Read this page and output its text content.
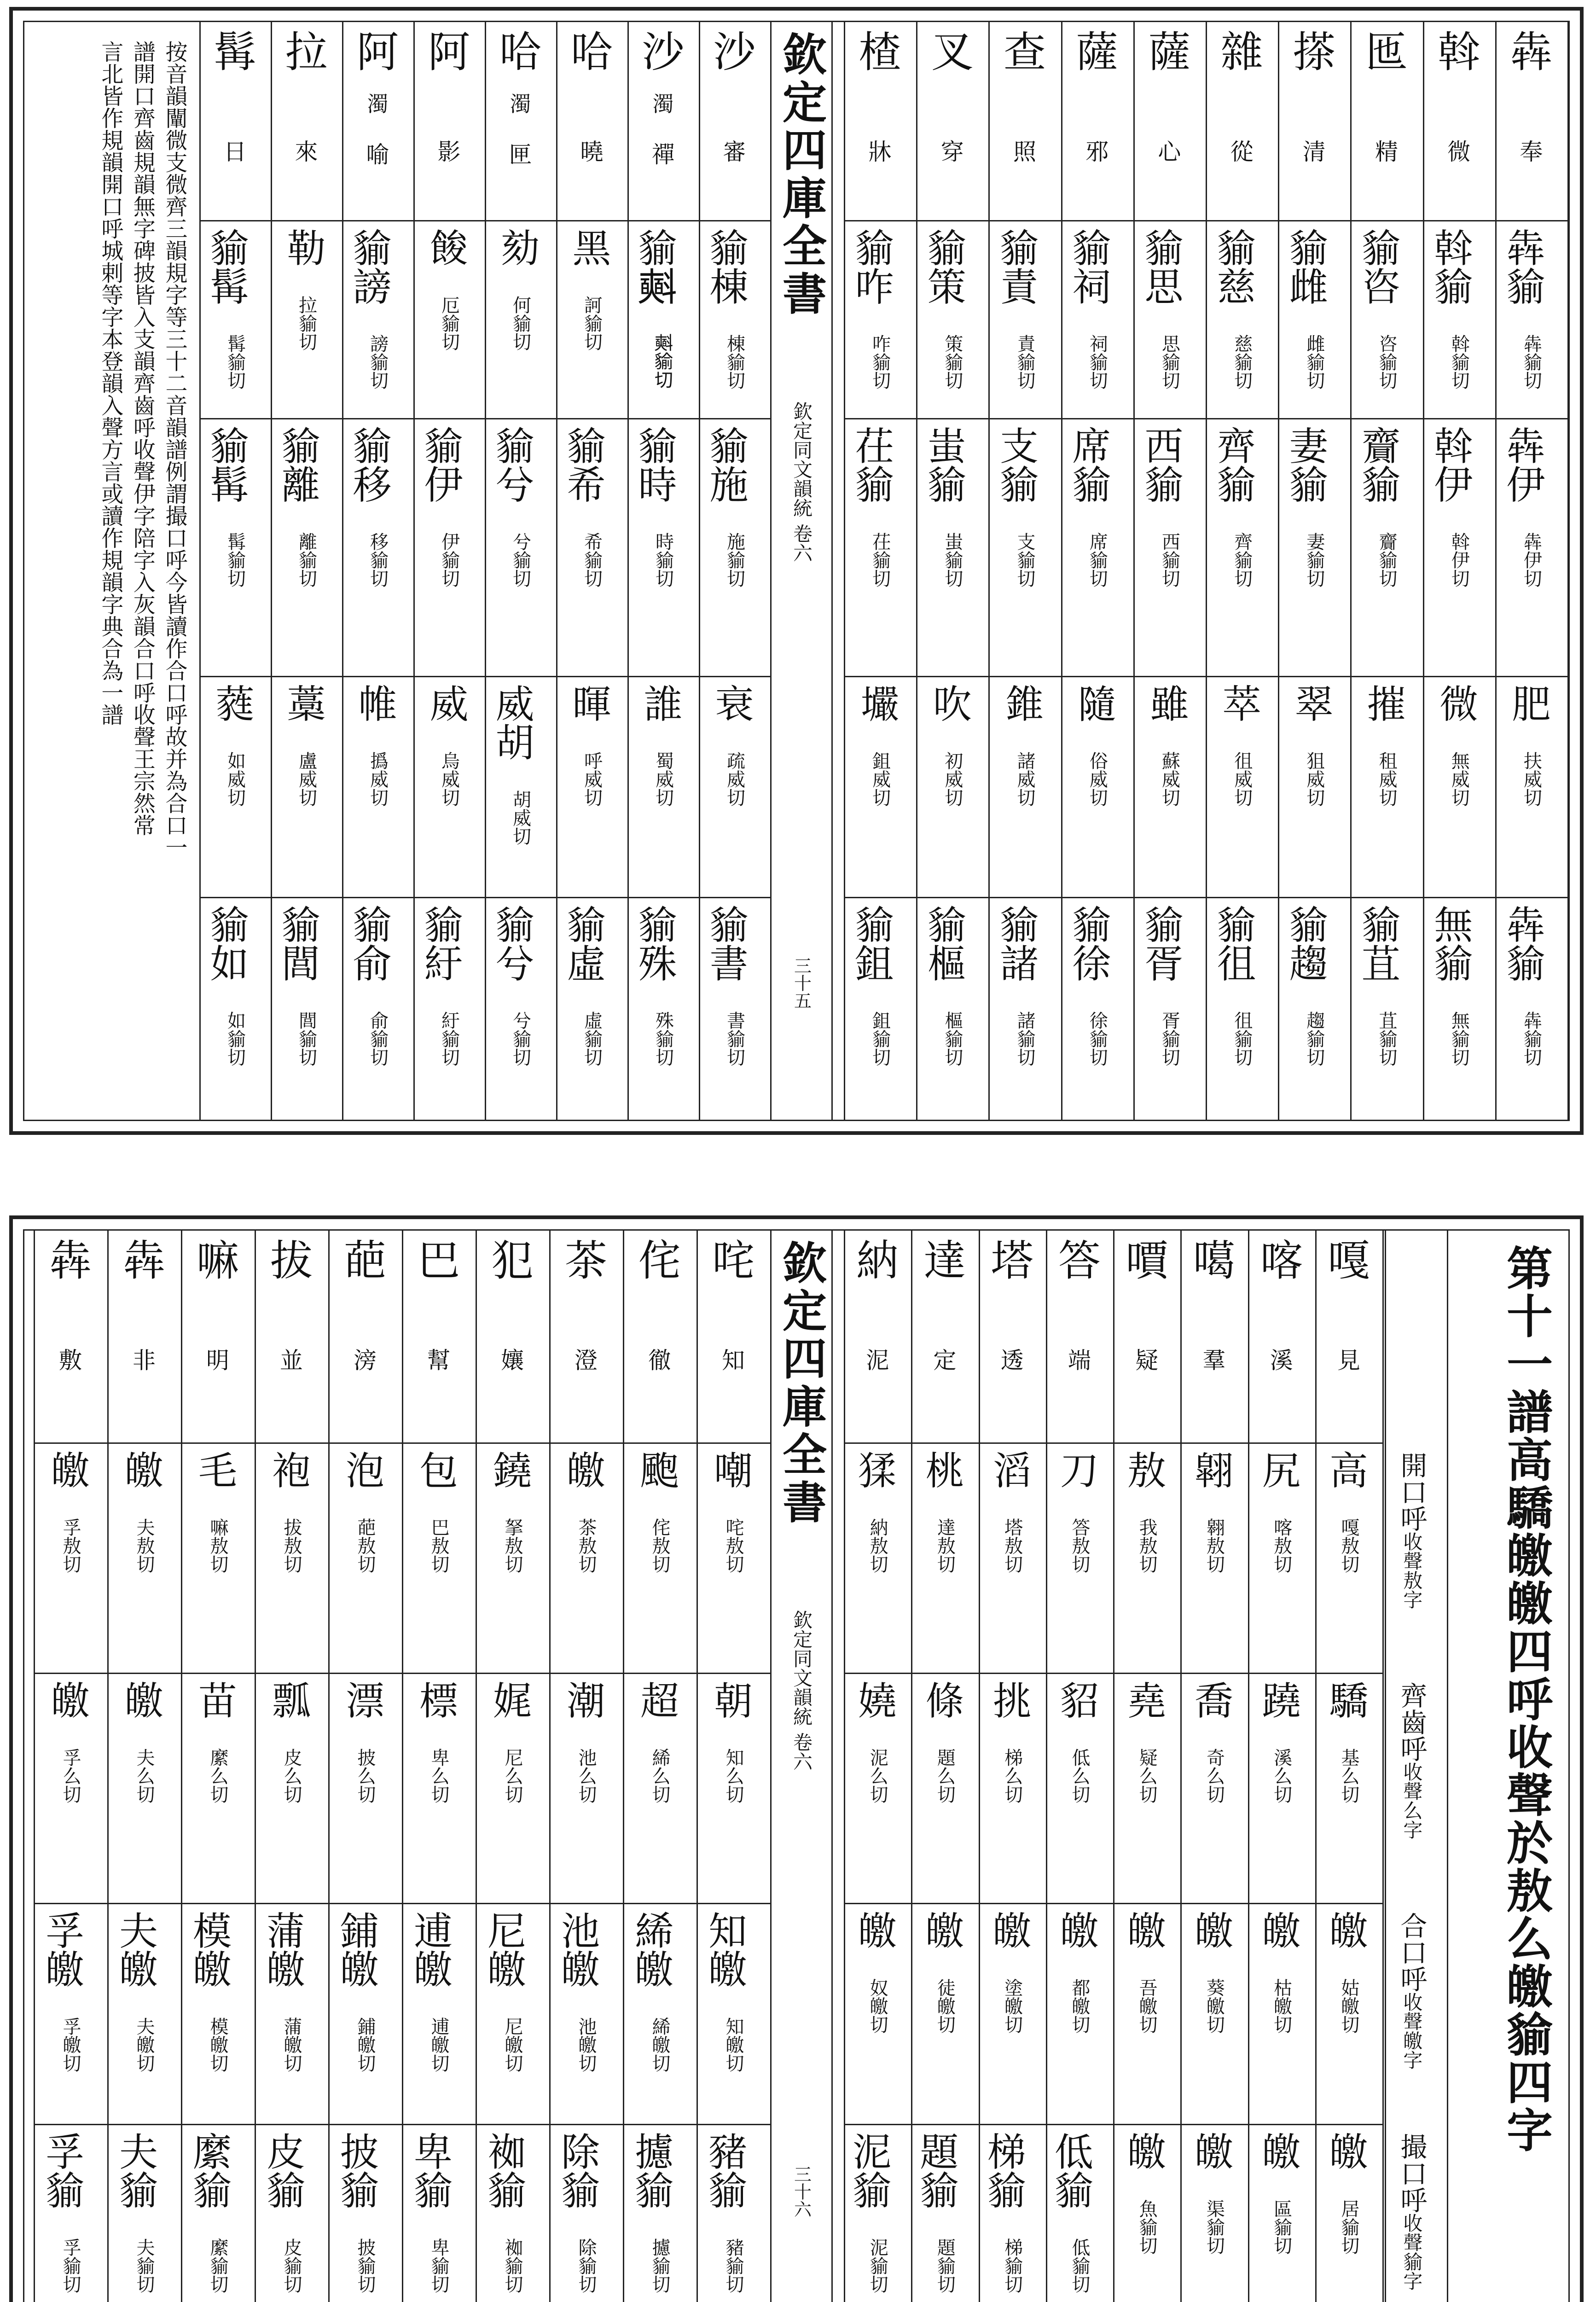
欽定四庫全書
欽定同文韻統 卷六
三十五
犇
奉
犇貐
犇貐切
犇伊
犇伊切
肥
扶威切
犇貐
犇貐切
斡
微
斡貐
斡貐切
斡伊
斡伊切
微
無威切
無貐
無貐切
匜
精
貐咨
咨貐切
齎貐
齎貐切
摧
租威切
貐苴
苴貐切
搽
清
貐雌
雌貐切
妻貐
妻貐切
翠
狙威切
貐趨
趨貐切
雜
從
貐慈
慈貐切
齊貐
齊貐切
萃
徂威切
貐徂
徂貐切
薩
心
貐思
思貐切
西貐
西貐切
雖
蘇威切
貐胥
胥貐切
薩
邪
貐祠
祠貐切
席貐
席貐切
隨
俗威切
貐徐
徐貐切
查
照
貐責
責貐切
支貐
支貐切
錐
諸威切
貐諸
諸貐切
叉
穿
貐策
策貐切
蚩貐
蚩貐切
吹
初威切
貐樞
樞貐切
楂
牀
貐咋
咋貐切
茌貐
茌貐切
壧
鉏威切
貐鉏
鉏貐切
沙
審
貐棟
棟貐切
貐施
施貐切
衰
疏威切
貐書
書貐切
沙
濁
禪
貐𣂏
𣂏貐切
貐時
時貐切
誰
蜀威切
貐殊
殊貐切
哈
曉
黑
訶貐切
貐希
希貐切
暉
呼威切
貐虛
虛貐切
哈
濁
匣
劾
何貐切
貐兮
兮貐切
威胡
胡威切
貐兮
兮貐切
阿
影
餕
厄貐切
貐伊
伊貐切
威
烏威切
貐紆
紆貐切
阿
濁
喻
貐謗
謗貐切
貐移
移貐切
帷
撝威切
貐俞
俞貐切
拉
來
勒
拉貐切
貐離
離貐切
藁
盧威切
貐閭
閭貐切
髯
日
貐髯
髯貐切
貐髯
髯貐切
蕤
如威切
貐如
如貐切
按音韻闡微支微齊三韻規字等三十二音韻譜例謂撮口呼今皆讀作合口呼故并為合口一
譜開口齊齒規韻無字碑披皆入支韻齊齒呼收聲伊字陪字入灰韻合口呼收聲王宗然常
言北皆作規韻開口呼城剌等字本登韻入聲方言或讀作規韻字典合為一譜
第十一譜高驕皦皦四呼收聲於敖么皦貐四字
欽定四庫全書
欽定同文韻統 卷六
三十六
開口呼收聲敖字
齊齒呼收聲么字
合口呼收聲皦字
撮口呼收聲貐字
嘎
見
高
嘎敖切
驕
基么切
皦
姑皦切
皦
居貐切
喀
溪
尻
喀敖切
蹺
溪么切
皦
枯皦切
皦
區貐切
噶
羣
翶
翱敖切
喬
奇么切
皦
葵皦切
皦
渠貐切
𠿪
疑
敖
我敖切
堯
疑么切
皦
吾皦切
皦
魚貐切
答
端
刀
答敖切
貂
低么切
皦
都皦切
低貐
低貐切
塔
透
滔
塔敖切
挑
梯么切
皦
塗皦切
梯貐
梯貐切
達
定
桃
達敖切
條
題么切
皦
徒皦切
題貐
題貐切
納
泥
猱
納敖切
嬈
泥么切
皦
奴皦切
泥貐
泥貐切
咤
知
嘲
咤敖切
朝
知么切
知皦
知皦切
豬貐
豬貐切
侘
徹
颮
侘敖切
超
絺么切
絺皦
絺皦切
攄貐
攄貐切
茶
澄
皦
茶敖切
潮
池么切
池皦
池皦切
除貐
除貐切
犯
孃
鐃
拏敖切
娓
尼么切
尼皦
尼皦切
袽貐
袽貐切
巴
幫
包
巴敖切
標
卑么切
逋皦
逋皦切
卑貐
卑貐切
葩
滂
泡
葩敖切
漂
披么切
鋪皦
鋪皦切
披貐
披貐切
拔
並
袍
拔敖切
瓢
皮么切
蒲皦
蒲皦切
皮貐
皮貐切
嘛
明
毛
嘛敖切
苗
縻么切
模皦
模皦切
縻貐
縻貐切
犇
非
皦
夫敖切
皦
夫么切
夫皦
夫皦切
夫貐
夫貐切
犇
敷
皦
孚敖切
皦
孚么切
孚皦
孚皦切
孚貐
孚貐切
